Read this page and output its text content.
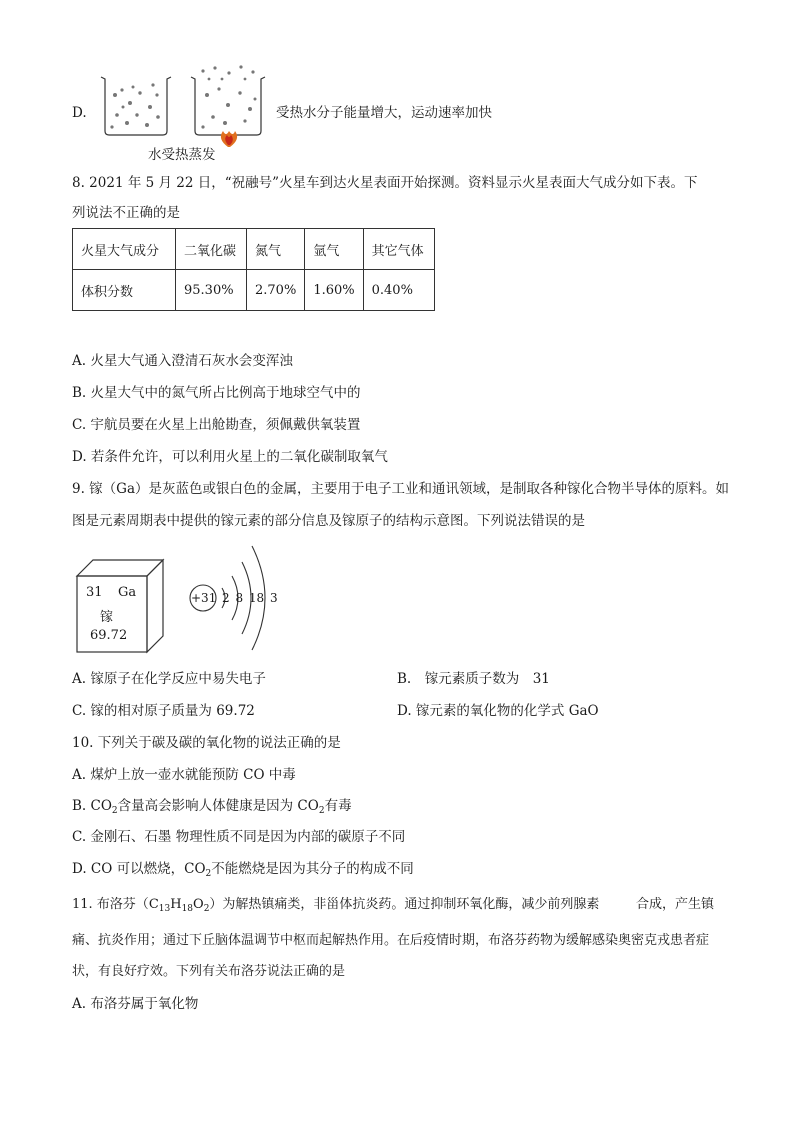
D.	受热水分子能量增大，运动速率加快
水受热蒸发
8. 2021 年 5 月 22 日，“祝融号”火星车到达火星表面开始探测。资料显示火星表面大气成分如下表。下
列说法不正确的是
火星大气成分	二氧化碳	氮气	氩气	其它气体
体积分数	95.30%	2.70%	1.60%	0.40%
A. 火星大气通入澄清石灰水会变浑浊
B. 火星大气中的氮气所占比例高于地球空气中的
C. 宇航员要在火星上出舱勘查，须佩戴供氧装置
D. 若条件允许，可以利用火星上的二氧化碳制取氧气
9. 镓（Ga）是灰蓝色或银白色的金属，主要用于电子工业和通讯领域，是制取各种镓化合物半导体的原料。如
图是元素周期表中提供的镓元素的部分信息及镓原子的结构示意图。下列说法错误的是
31 Ga
镓
69.72
+31 2 8 18 3
A. 镓原子在化学反应中易失电子	B.　镓元素质子数为　31
C. 镓的相对原子质量为 69.72	D. 镓元素的氧化物的化学式 GaO
10. 下列关于碳及碳的氧化物的说法正确的是
A. 煤炉上放一壶水就能预防 CO 中毒
B. $CO_2$含量高会影响人体健康是因为 $CO_2$有毒
C. 金刚石、石墨 物理性质不同是因为内部的碳原子不同
D. CO 可以燃烧，$CO_2$不能燃烧是因为其分子的构成不同
11. 布洛芬$(C_{13}H_{18}O_2)$为解热镇痛类，非甾体抗炎药。通过抑制环氧化酶，减少前列腺素	合成，产生镇
痛、抗炎作用；通过下丘脑体温调节中枢而起解热作用。在后疫情时期，布洛芬药物为缓解感染奥密克戎患者症
状，有良好疗效。下列有关布洛芬说法正确的是
A. 布洛芬属于氧化物
